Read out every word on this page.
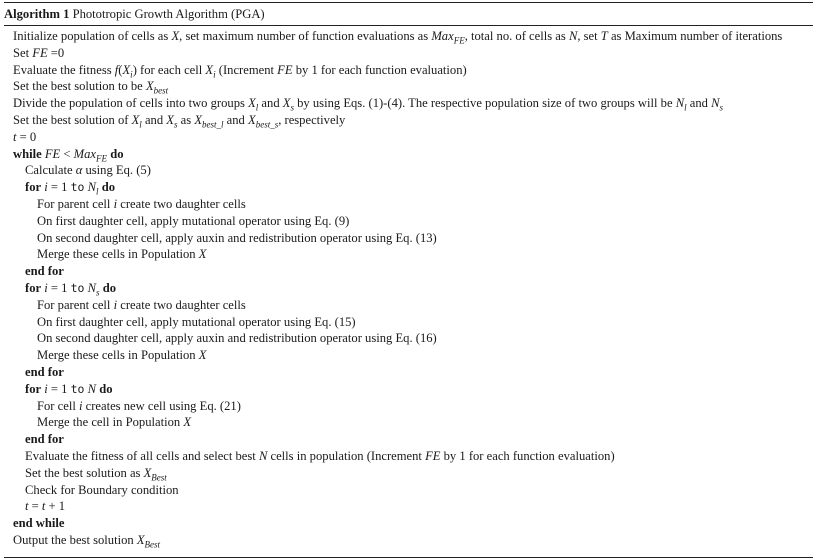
Algorithm 1 Phototropic Growth Algorithm (PGA)
Initialize population of cells as X, set maximum number of function evaluations as Max$_{FE}$, total no. of cells as N, set T as Maximum number of iterations
Set FE =0
Evaluate the fitness $f(X_i)$ for each cell $X_i$ (Increment FE by 1 for each function evaluation)
Set the best solution to be $X_{best}$
Divide the population of cells into two groups $X_l$ and $X_s$ by using Eqs. (1)-(4). The respective population size of two groups will be $N_l$ and $N_s$
Set the best solution of $X_l$ and $X_s$ as $X_{best\_l}$ and $X_{best\_s}$, respectively
t = 0
while FE < Max$_{FE}$ do
Calculate α using Eq. (5)
for i = 1 to $N_l$ do
For parent cell i create two daughter cells
On first daughter cell, apply mutational operator using Eq. (9)
On second daughter cell, apply auxin and redistribution operator using Eq. (13)
Merge these cells in Population X
end for
for i = 1 to $N_s$ do
For parent cell i create two daughter cells
On first daughter cell, apply mutational operator using Eq. (15)
On second daughter cell, apply auxin and redistribution operator using Eq. (16)
Merge these cells in Population X
end for
for i = 1 to N do
For cell i creates new cell using Eq. (21)
Merge the cell in Population X
end for
Evaluate the fitness of all cells and select best N cells in population (Increment FE by 1 for each function evaluation)
Set the best solution as $X_{Best}$
Check for Boundary condition
t = t + 1
end while
Output the best solution $X_{Best}$
